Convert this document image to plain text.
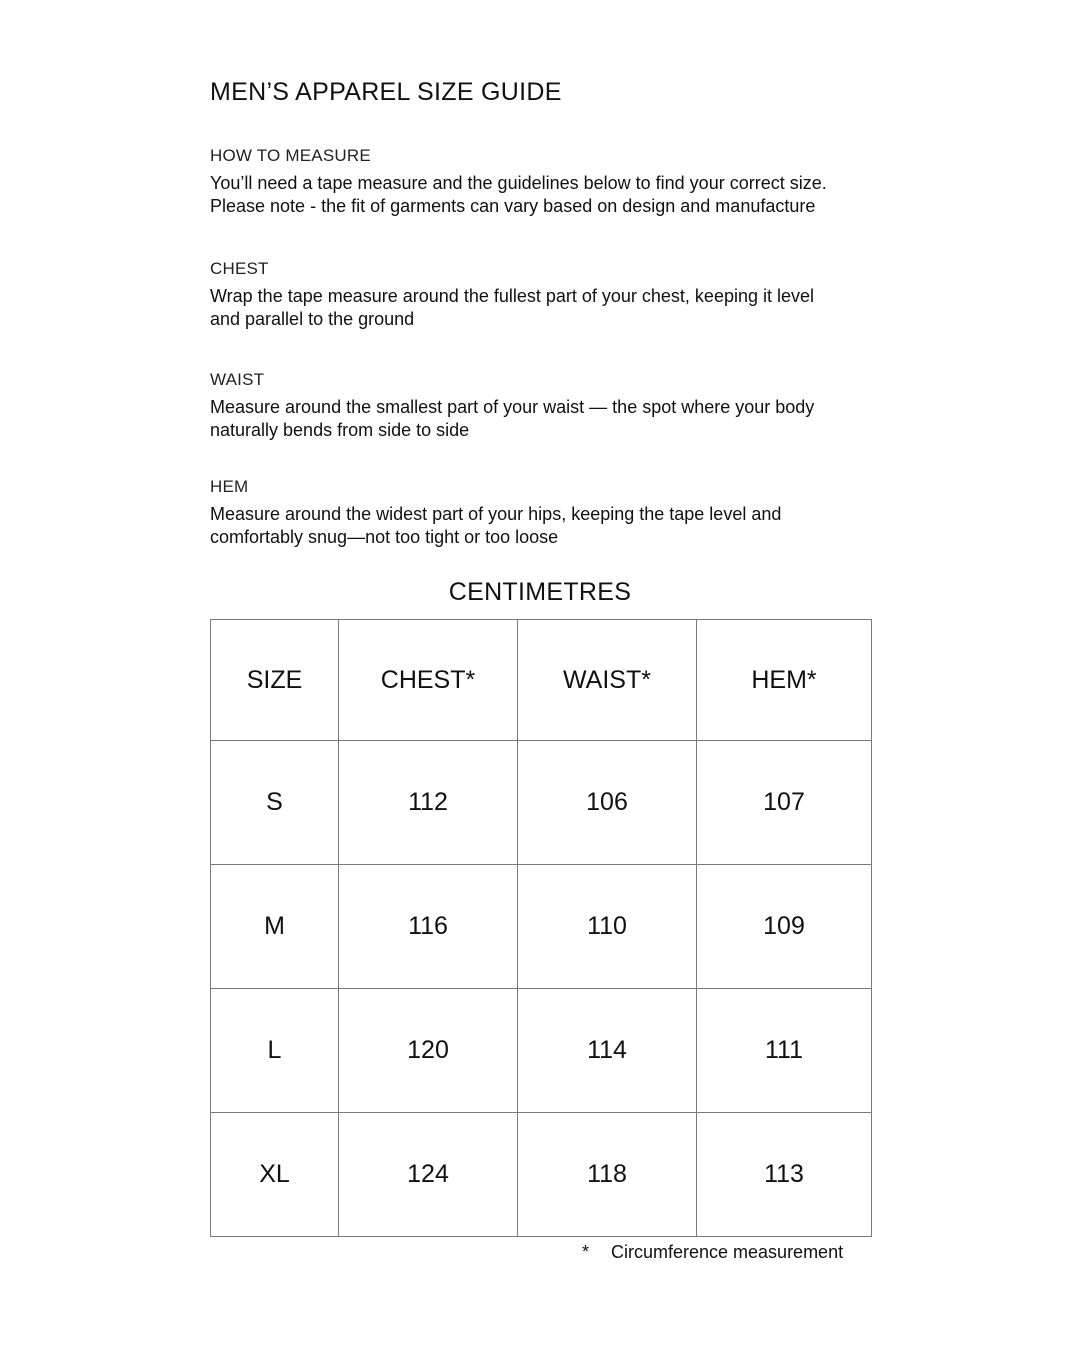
MEN’S APPAREL SIZE GUIDE
HOW TO MEASURE
You’ll need a tape measure and the guidelines below to find your correct size.
Please note - the fit of garments can vary based on design and manufacture
CHEST
Wrap the tape measure around the fullest part of your chest, keeping it level
and parallel to the ground
WAIST
Measure around the smallest part of your waist — the spot where your body
naturally bends from side to side
HEM
Measure around the widest part of your hips, keeping the tape level and
comfortably snug—not too tight or too loose
CENTIMETRES
SIZE	CHEST*	WAIST*	HEM*
S	112	106	107
M	116	110	109
L	120	114	111
XL	124	118	113
* Circumference measurement
